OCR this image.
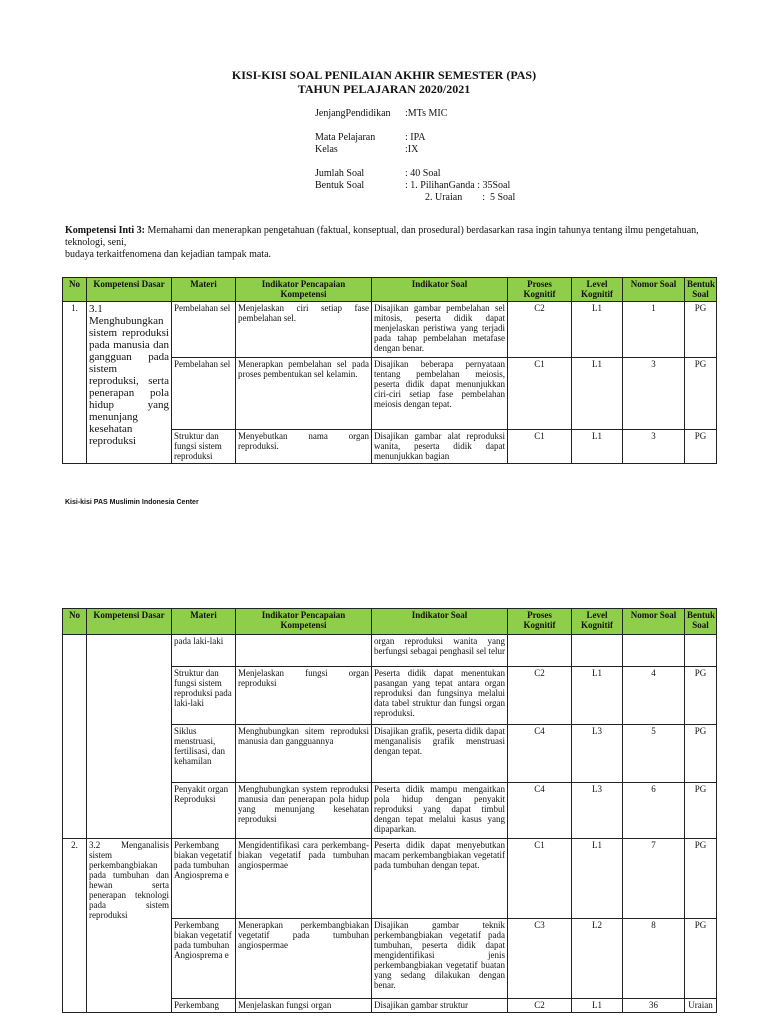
KISI-KISI SOAL PENILAIAN AKHIR SEMESTER (PAS)
TAHUN PELAJARAN 2020/2021
JenjangPendidikan	:MTs MIC
Mata Pelajaran	: IPA
Kelas	:IX
Jumlah Soal	: 40 Soal
Bentuk Soal	: 1. PilihanGanda : 35Soal
2. Uraian        :  5 Soal
Kompetensi Inti 3: Memahami dan menerapkan pengetahuan (faktual, konseptual, dan prosedural) berdasarkan rasa ingin tahunya tentang ilmu pengetahuan, teknologi, seni,
budaya terkaitfenomena dan kejadian tampak mata.
No	Kompetensi Dasar	Materi	Indikator Pencapaian Kompetensi	Indikator Soal	Proses Kognitif	Level Kognitif	Nomor Soal	Bentuk Soal
1.	3.1 Menghubungkan sistem reproduksi pada manusia dan gangguan pada sistem reproduksi, serta penerapan pola hidup yang menunjang kesehatan reproduksi	Pembelahan sel	Menjelaskan ciri setiap fase pembelahan sel.	Disajikan gambar pembelahan sel mitosis, peserta didik dapat menjelaskan peristiwa yang terjadi pada tahap pembelahan metafase dengan benar.	C2	L1	1	PG
		Pembelahan sel	Menerapkan pembelahan sel pada proses pembentukan sel kelamin.	Disajikan beberapa pernyataan tentang pembelahan meiosis, peserta didik dapat menunjukkan ciri-ciri setiap fase pembelahan meiosis dengan tepat.	C1	L1	3	PG
		Struktur dan fungsi sistem reproduksi	Menyebutkan nama organ reproduksi.	Disajikan gambar alat reproduksi wanita, peserta didik dapat menunjukkan bagian	C1	L1	3	PG
Kisi-kisi PAS Muslimin Indonesia Center
No	Kompetensi Dasar	Materi	Indikator Pencapaian Kompetensi	Indikator Soal	Proses Kognitif	Level Kognitif	Nomor Soal	Bentuk Soal
		pada laki-laki		organ reproduksi wanita yang berfungsi sebagai penghasil sel telur				
		Struktur dan fungsi sistem reproduksi pada laki-laki	Menjelaskan fungsi organ reproduksi	Peserta didik dapat menentukan pasangan yang tepat antara organ reproduksi dan fungsinya melalui data tabel struktur dan fungsi organ reproduksi.	C2	L1	4	PG
		Siklus menstruasi, fertilisasi, dan kehamilan	Menghubungkan sitem reproduksi manusia dan gangguannya	Disajikan grafik, peserta didik dapat menganalisis grafik menstruasi dengan tepat.	C4	L3	5	PG
		Penyakit organ Reproduksi	Menghubungkan system reproduksi manusia dan penerapan pola hidup yang menunjang kesehatan reproduksi	Peserta didik mampu mengaitkan pola hidup dengan penyakit reproduksi yang dapat timbul dengan tepat melalui kasus yang dipaparkan.	C4	L3	6	PG
2.	3.2 Menganalisis sistem perkembangbiakan pada tumbuhan dan hewan serta penerapan teknologi pada sistem reproduksi	Perkembang biakan vegetatif pada tumbuhan Angiosprema e	Mengidentifikasi cara perkembang-biakan vegetatif pada tumbuhan angiospermae	Peserta didik dapat menyebutkan macam perkembangbiakan vegetatif pada tumbuhan dengan tepat.	C1	L1	7	PG
		Perkembang biakan vegetatif pada tumbuhan Angiosprema e	Menerapkan perkembangbiakan vegetatif pada tumbuhan angiospermae	Disajikan gambar teknik perkembangbiakan vegetatif pada tumbuhan, peserta didik dapat mengidentifikasi jenis perkembangbiakan vegetatif buatan yang sedang dilakukan dengan benar.	C3	L2	8	PG
		Perkembang	Menjelaskan fungsi organ	Disajikan gambar struktur	C2	L1	36	Uraian
